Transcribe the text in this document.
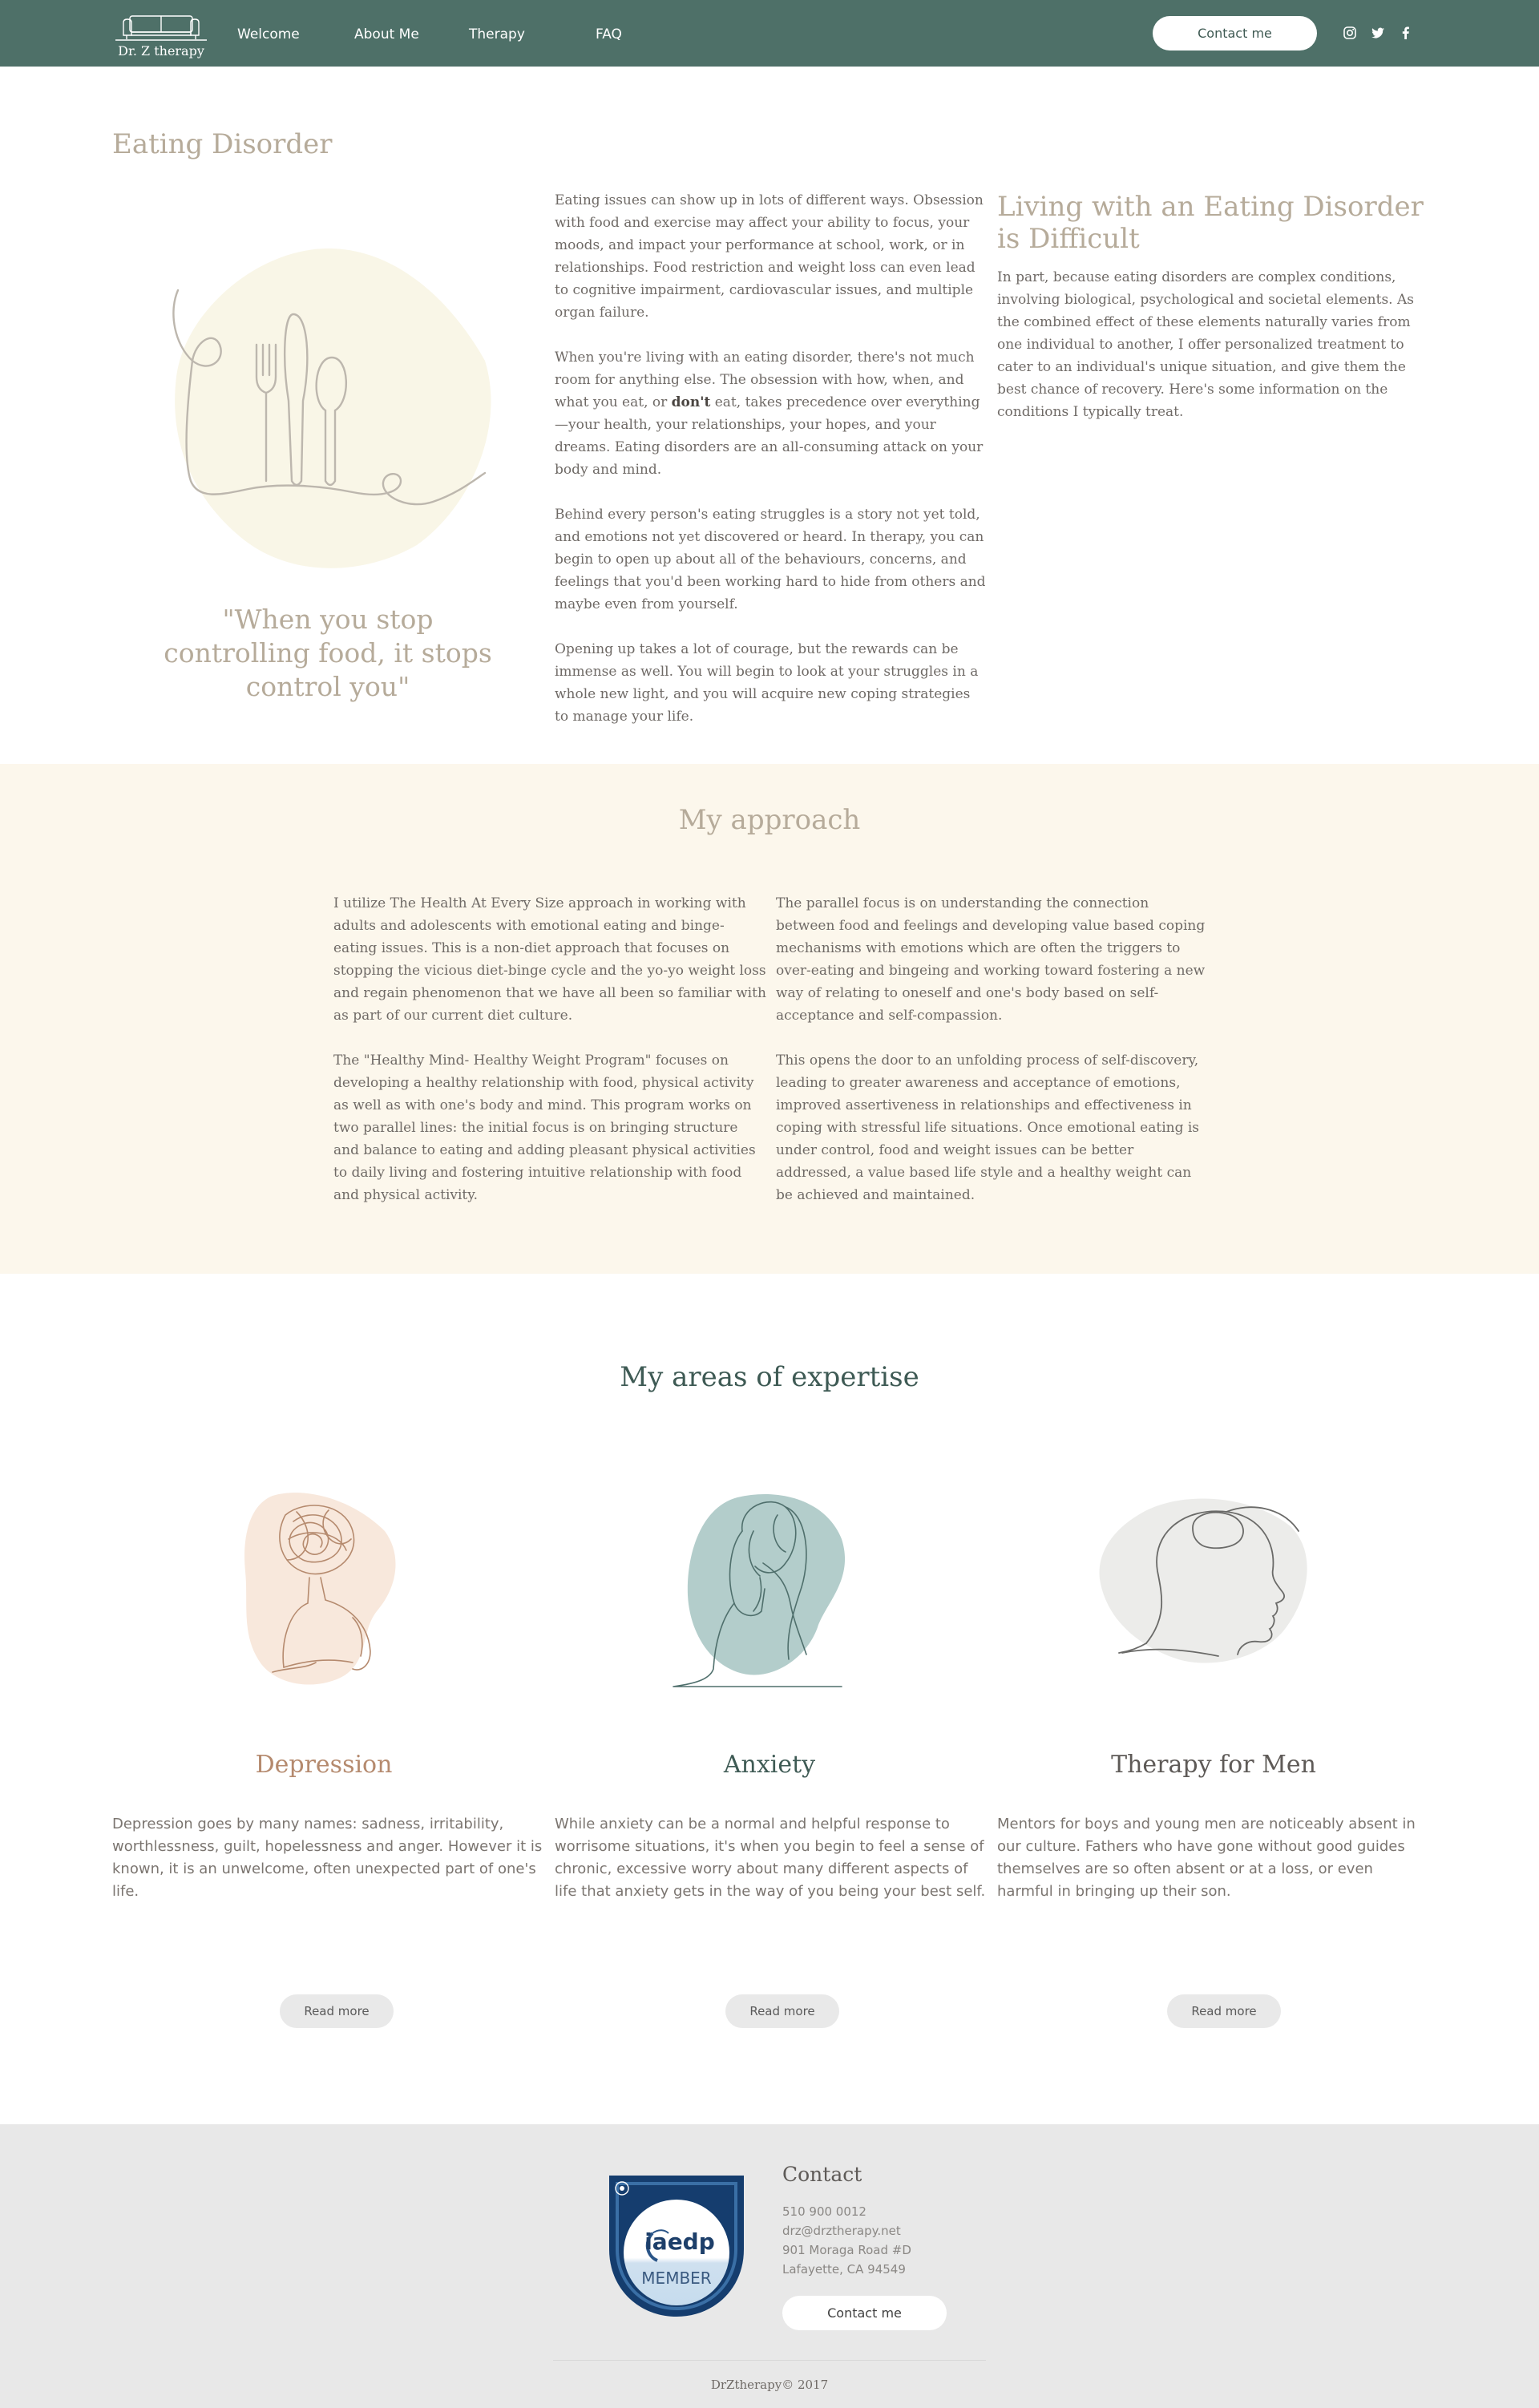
Dr. Z therapy
Welcome	About Me	Therapy	FAQ	Contact me
Eating Disorder
"When you stop controlling food, it stops control you"

Eating issues can show up in lots of different ways. Obsession with food and exercise may affect your ability to focus, your moods, and impact your performance at school, work, or in relationships. Food restriction and weight loss can even lead to cognitive impairment, cardiovascular issues, and multiple organ failure.

When you're living with an eating disorder, there's not much room for anything else. The obsession with how, when, and what you eat, or don't eat, takes precedence over everything—your health, your relationships, your hopes, and your dreams. Eating disorders are an all-consuming attack on your body and mind.

Behind every person's eating struggles is a story not yet told, and emotions not yet discovered or heard. In therapy, you can begin to open up about all of the behaviours, concerns, and feelings that you'd been working hard to hide from others and maybe even from yourself.

Opening up takes a lot of courage, but the rewards can be immense as well. You will begin to look at your struggles in a whole new light, and you will acquire new coping strategies to manage your life.

Living with an Eating Disorder is Difficult

In part, because eating disorders are complex conditions, involving biological, psychological and societal elements. As the combined effect of these elements naturally varies from one individual to another, I offer personalized treatment to cater to an individual's unique situation, and give them the best chance of recovery. Here's some information on the conditions I typically treat.

My approach

I utilize The Health At Every Size approach in working with adults and adolescents with emotional eating and binge-eating issues. This is a non-diet approach that focuses on stopping the vicious diet-binge cycle and the yo-yo weight loss and regain phenomenon that we have all been so familiar with as part of our current diet culture.

The "Healthy Mind- Healthy Weight Program" focuses on developing a healthy relationship with food, physical activity as well as with one's body and mind. This program works on two parallel lines: the initial focus is on bringing structure and balance to eating and adding pleasant physical activities to daily living and fostering intuitive relationship with food and physical activity.

The parallel focus is on understanding the connection between food and feelings and developing value based coping mechanisms with emotions which are often the triggers to over-eating and bingeing and working toward fostering a new way of relating to oneself and one's body based on self-acceptance and self-compassion.

This opens the door to an unfolding process of self-discovery, leading to greater awareness and acceptance of emotions, improved assertiveness in relationships and effectiveness in coping with stressful life situations. Once emotional eating is under control, food and weight issues can be better addressed, a value based life style and a healthy weight can be achieved and maintained.

My areas of expertise
Depression	Anxiety	Therapy for Men
Depression goes by many names: sadness, irritability, worthlessness, guilt, hopelessness and anger. However it is known, it is an unwelcome, often unexpected part of one's life.
While anxiety can be a normal and helpful response to worrisome situations, it's when you begin to feel a sense of chronic, excessive worry about many different aspects of life that anxiety gets in the way of you being your best self.
Mentors for boys and young men are noticeably absent in our culture. Fathers who have gone without good guides themselves are so often absent or at a loss, or even harmful in bringing up their son.
Read more	Read more	Read more
iaedp
MEMBER
Contact
510 900 0012
drz@drztherapy.net
901 Moraga Road #D
Lafayette, CA 94549
Contact me
DrZtherapy© 2017
